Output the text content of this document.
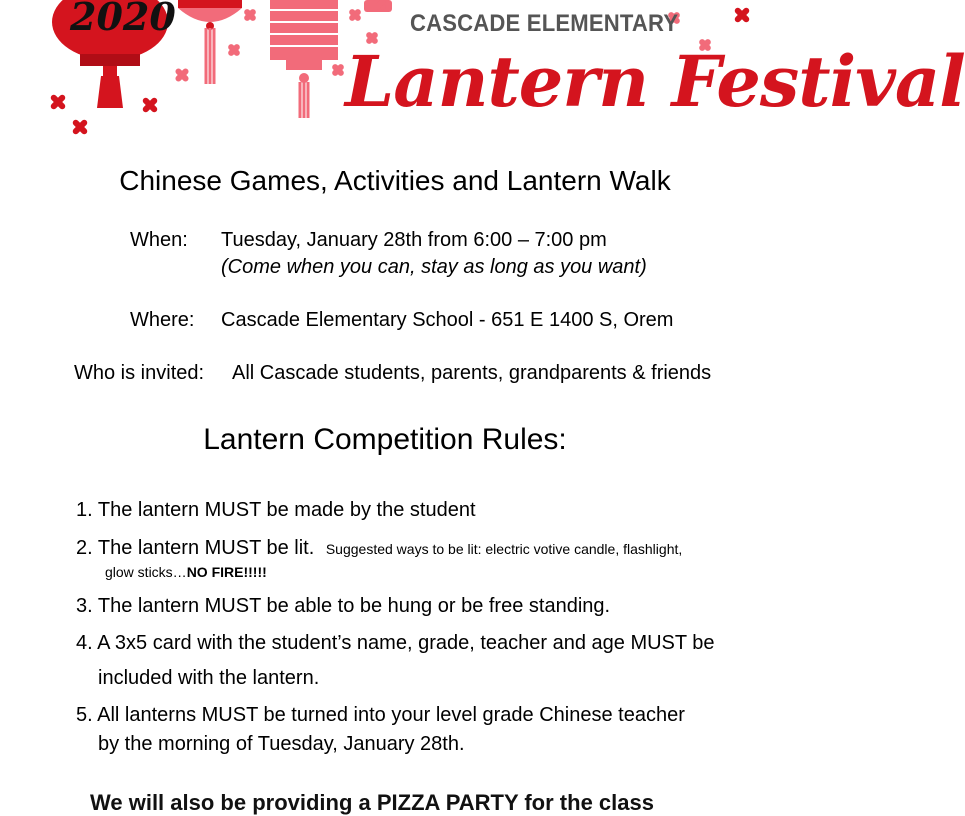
2020	CASCADE ELEMENTARY
Lantern Festival
Chinese Games, Activities and Lantern Walk
When: Tuesday, January 28th from 6:00 – 7:00 pm
(Come when you can, stay as long as you want)
Where: Cascade Elementary School - 651 E 1400 S, Orem
Who is invited: All Cascade students, parents, grandparents & friends
Lantern Competition Rules:
1. The lantern MUST be made by the student
2. The lantern MUST be lit. Suggested ways to be lit: electric votive candle, flashlight,
glow sticks…NO FIRE!!!!!
3. The lantern MUST be able to be hung or be free standing.
4. A 3x5 card with the student’s name, grade, teacher and age MUST be
included with the lantern.
5. All lanterns MUST be turned into your level grade Chinese teacher
by the morning of Tuesday, January 28th.
We will also be providing a PIZZA PARTY for the class
